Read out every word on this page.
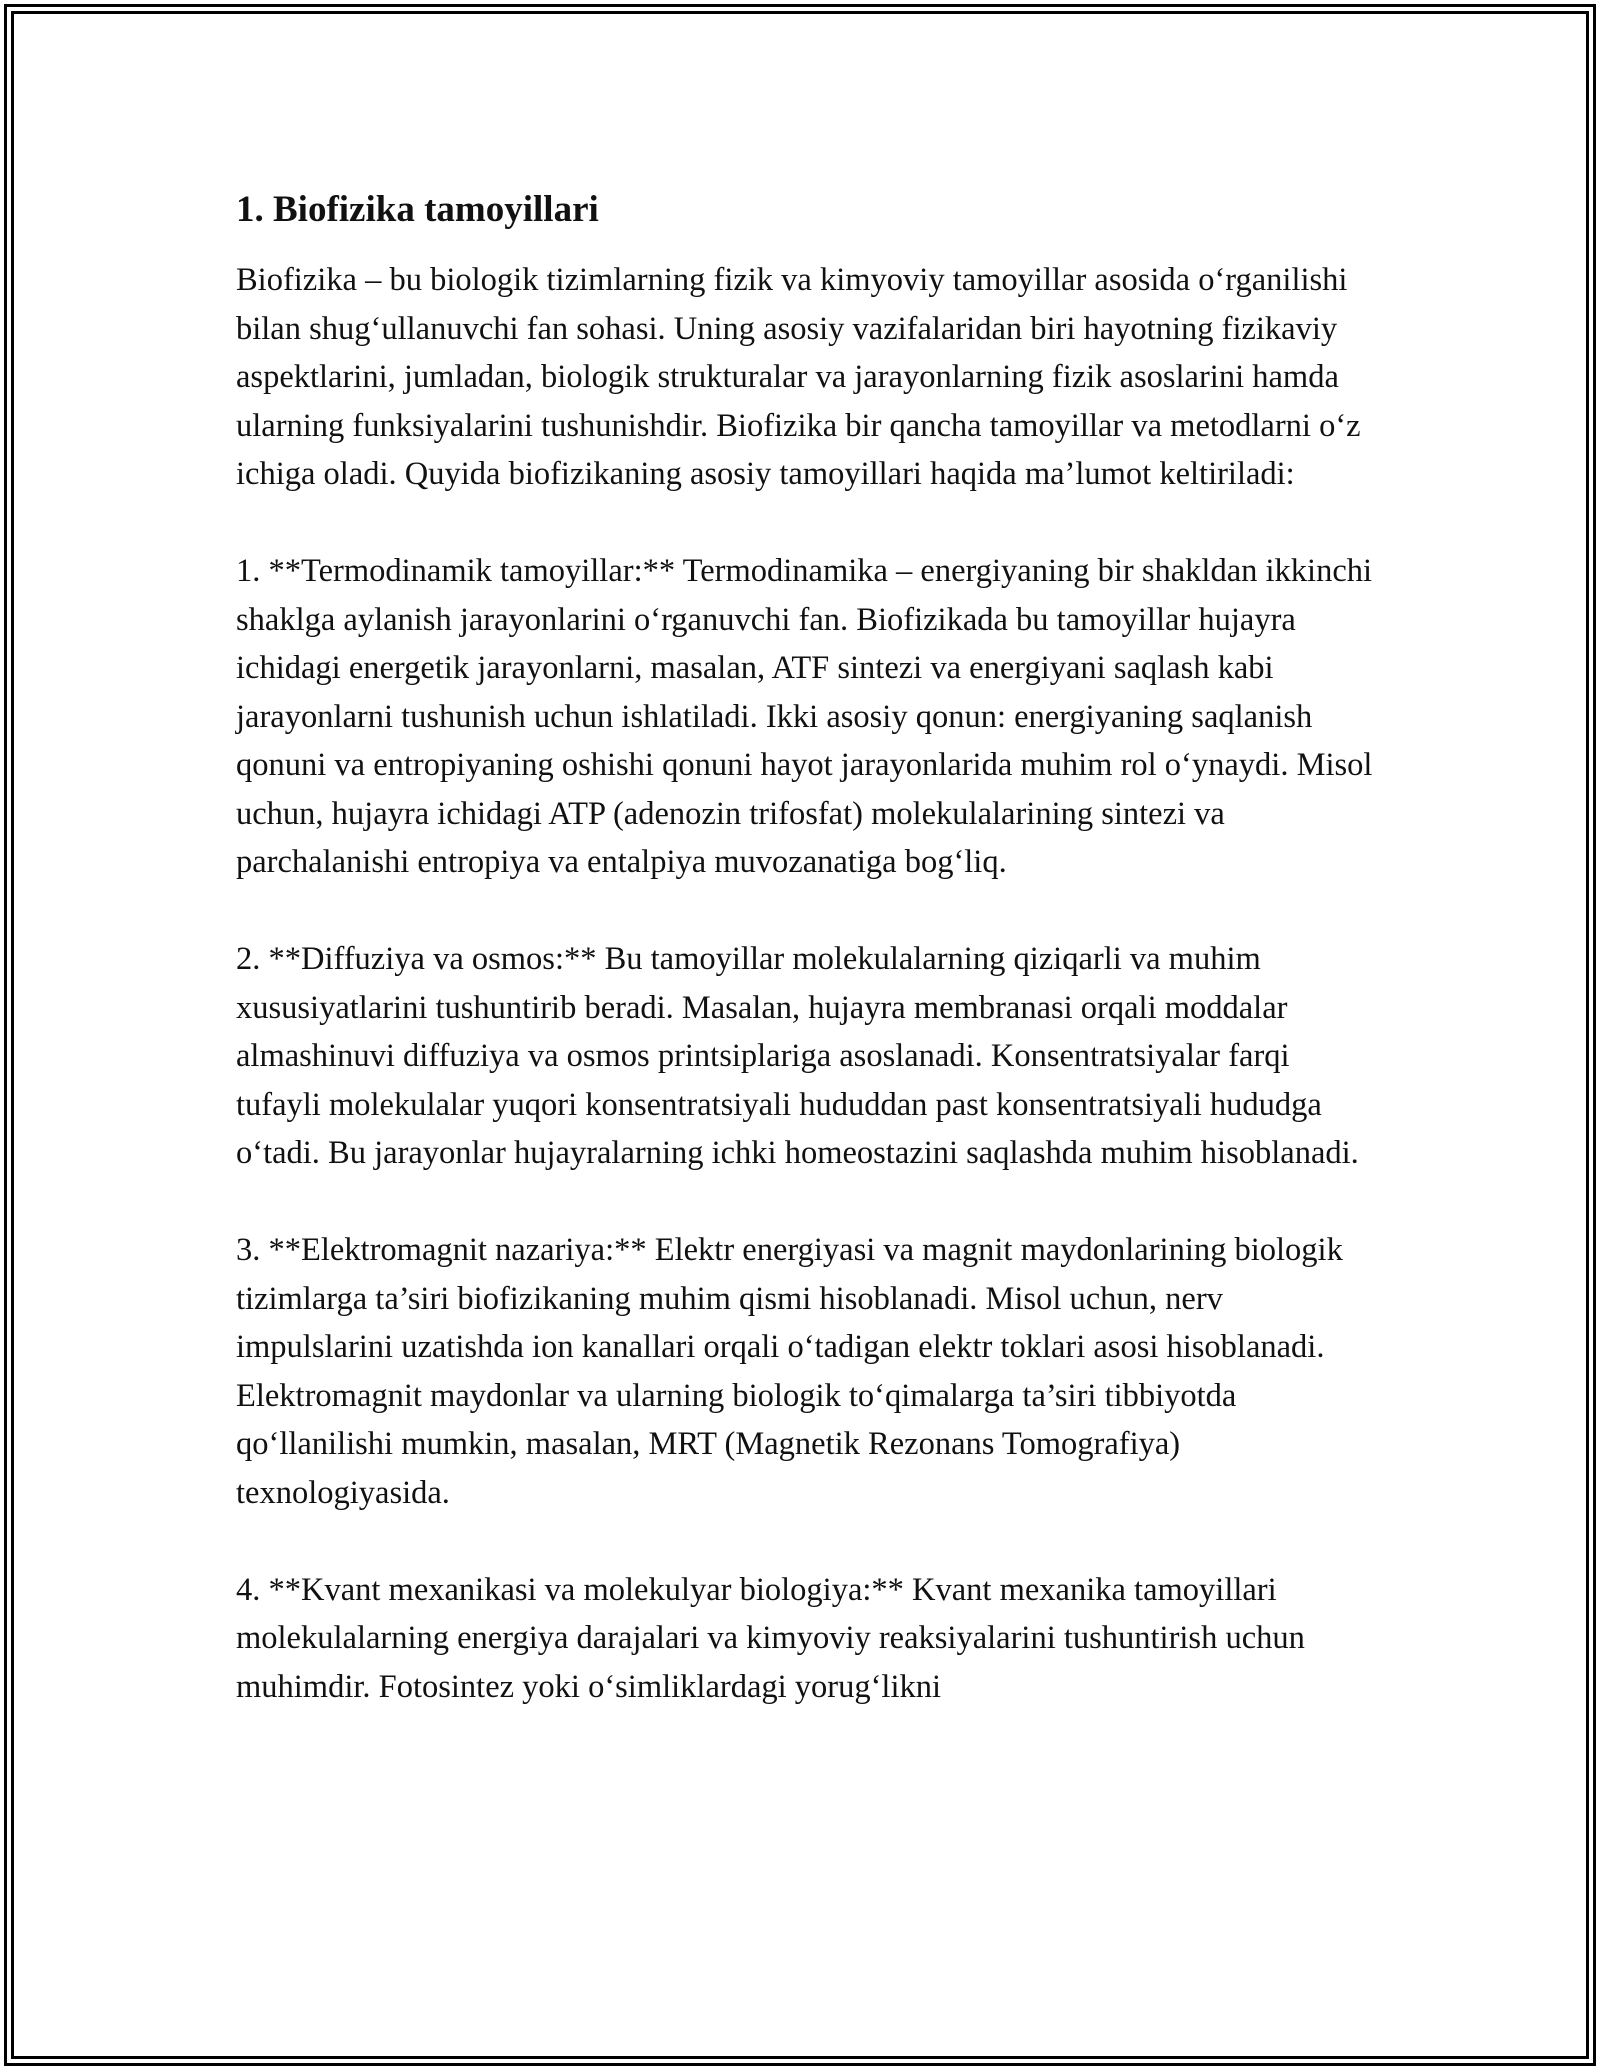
1. Biofizika tamoyillari

Biofizika – bu biologik tizimlarning fizik va kimyoviy tamoyillar asosida o‘rganilishi bilan shug‘ullanuvchi fan sohasi. Uning asosiy vazifalaridan biri hayotning fizikaviy aspektlarini, jumladan, biologik strukturalar va jarayonlarning fizik asoslarini hamda ularning funksiyalarini tushunishdir. Biofizika bir qancha tamoyillar va metodlarni o‘z ichiga oladi. Quyida biofizikaning asosiy tamoyillari haqida ma’lumot keltiriladi:

1. **Termodinamik tamoyillar:** Termodinamika – energiyaning bir shakldan ikkinchi shaklga aylanish jarayonlarini o‘rganuvchi fan. Biofizikada bu tamoyillar hujayra ichidagi energetik jarayonlarni, masalan, ATF sintezi va energiyani saqlash kabi jarayonlarni tushunish uchun ishlatiladi. Ikki asosiy qonun: energiyaning saqlanish qonuni va entropiyaning oshishi qonuni hayot jarayonlarida muhim rol o‘ynaydi. Misol uchun, hujayra ichidagi ATP (adenozin trifosfat) molekulalarining sintezi va parchalanishi entropiya va entalpiya muvozanatiga bog‘liq.

2. **Diffuziya va osmos:** Bu tamoyillar molekulalarning qiziqarli va muhim xususiyatlarini tushuntirib beradi. Masalan, hujayra membranasi orqali moddalar almashinuvi diffuziya va osmos printsiplariga asoslanadi. Konsentratsiyalar farqi tufayli molekulalar yuqori konsentratsiyali hududdan past konsentratsiyali hududga o‘tadi. Bu jarayonlar hujayralarning ichki homeostazini saqlashda muhim hisoblanadi.

3. **Elektromagnit nazariya:** Elektr energiyasi va magnit maydonlarining biologik tizimlarga ta’siri biofizikaning muhim qismi hisoblanadi. Misol uchun, nerv impulslarini uzatishda ion kanallari orqali o‘tadigan elektr toklari asosi hisoblanadi. Elektromagnit maydonlar va ularning biologik to‘qimalarga ta’siri tibbiyotda qo‘llanilishi mumkin, masalan, MRT (Magnetik Rezonans Tomografiya) texnologiyasida.

4. **Kvant mexanikasi va molekulyar biologiya:** Kvant mexanika tamoyillari molekulalarning energiya darajalari va kimyoviy reaksiyalarini tushuntirish uchun muhimdir. Fotosintez yoki o‘simliklardagi yorug‘likni
